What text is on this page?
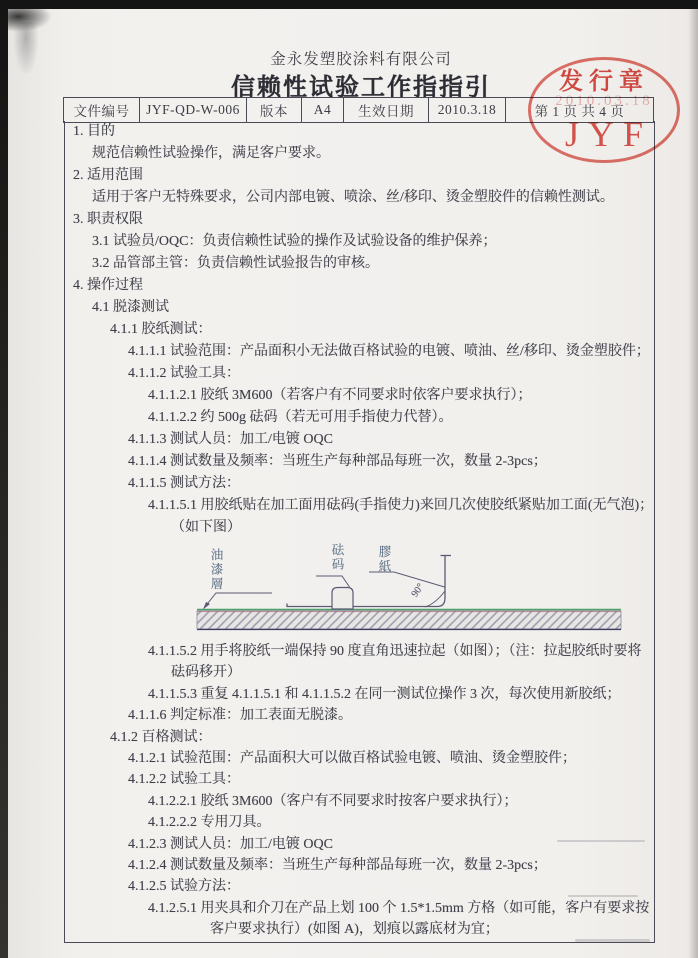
金永发塑胶涂料有限公司
信赖性试验工作指指引
文件编号	JYF-QD-W-006	版本	A4	生效日期	2010.3.18	第 1 页 共 4 页
1. 目的
规范信赖性试验操作，满足客户要求。
2. 适用范围
适用于客户无特殊要求，公司内部电镀、喷涂、丝/移印、烫金塑胶件的信赖性测试。
3. 职责权限
3.1 试验员/OQC：负责信赖性试验的操作及试验设备的维护保养；
3.2 品管部主管：负责信赖性试验报告的审核。
4. 操作过程
4.1 脱漆测试
4.1.1 胶纸测试：
4.1.1.1 试验范围：产品面积小无法做百格试验的电镀、喷油、丝/移印、烫金塑胶件；
4.1.1.2 试验工具：
4.1.1.2.1 胶纸 3M600（若客户有不同要求时依客户要求执行）；
4.1.1.2.2 约 500g 砝码（若无可用手指使力代替）。
4.1.1.3 测试人员：加工/电镀 OQC
4.1.1.4 测试数量及频率：当班生产每种部品每班一次，数量 2-3pcs；
4.1.1.5 测试方法：
4.1.1.5.1 用胶纸贴在加工面用砝码(手指使力)来回几次使胶纸紧贴加工面(无气泡)；
（如下图）
油漆層	砝码	膠紙
90°
4.1.1.5.2 用手将胶纸一端保持 90 度直角迅速拉起（如图）；（注：拉起胶纸时要将
砝码移开）
4.1.1.5.3 重复 4.1.1.5.1 和 4.1.1.5.2 在同一测试位操作 3 次，每次使用新胶纸；
4.1.1.6 判定标准：加工表面无脱漆。
4.1.2 百格测试：
4.1.2.1 试验范围：产品面积大可以做百格试验电镀、喷油、烫金塑胶件；
4.1.2.2 试验工具：
4.1.2.2.1 胶纸 3M600（客户有不同要求时按客户要求执行）；
4.1.2.2.2 专用刀具。
4.1.2.3 测试人员：加工/电镀 OQC
4.1.2.4 测试数量及频率：当班生产每种部品每班一次，数量 2-3pcs；
4.1.2.5 试验方法：
4.1.2.5.1 用夹具和介刀在产品上划 100 个 1.5*1.5mm 方格（如可能，客户有要求按
客户要求执行）(如图 A)，划痕以露底材为宜；
发行章
2010.03.18
JYF
